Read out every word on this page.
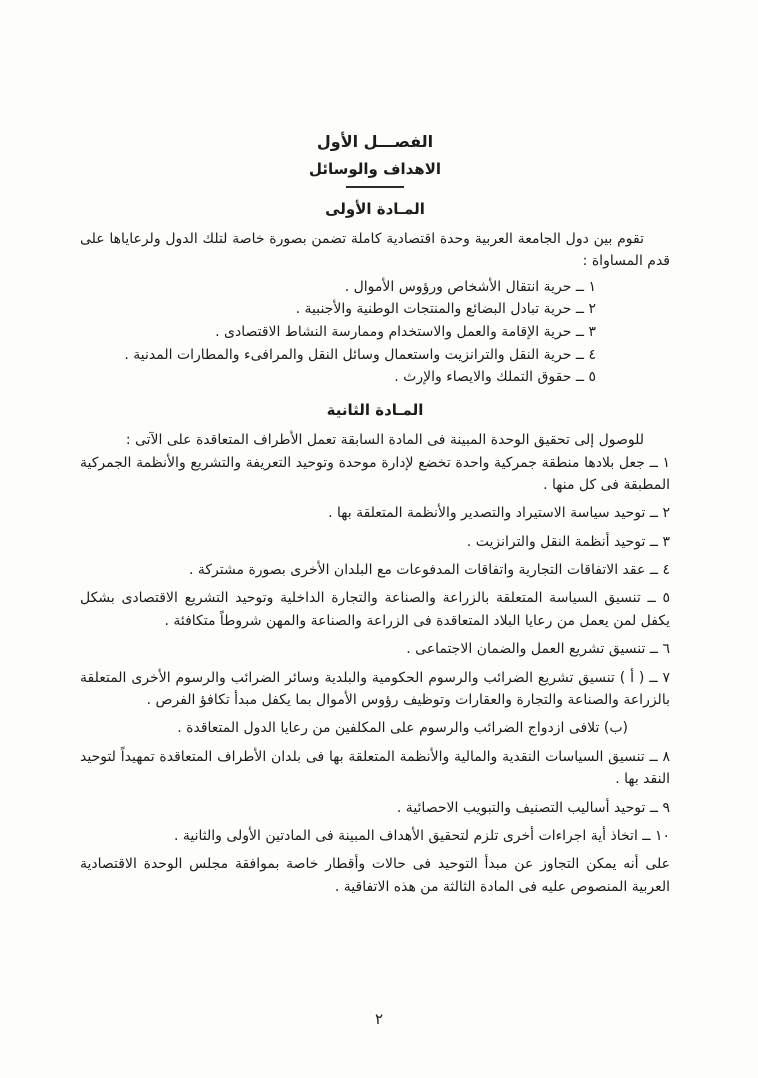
الفصـــل الأول
الاهداف والوسائل
المـادة الأولى

تقوم بين دول الجامعة العربية وحدة اقتصادية كاملة تضمن بصورة خاصة لتلك الدول ولرعاياها على قدم المساواة :

١ ــ حرية انتقال الأشخاص ورؤوس الأموال .
٢ ــ حرية تبادل البضائع والمنتجات الوطنية والأجنبية .
٣ ــ حرية الإقامة والعمل والاستخدام وممارسة النشاط الاقتصادى .
٤ ــ حرية النقل والترانزيت واستعمال وسائل النقل والمرافىء والمطارات المدنية .
٥ ــ حقوق التملك والايصاء والإرث .
المـادة الثانية

للوصول إلى تحقيق الوحدة المبينة فى المادة السابقة تعمل الأطراف المتعاقدة على الآتى :

١ ــ جعل بلادها منطقة جمركية واحدة تخضع لإدارة موحدة وتوحيد التعريفة والتشريع والأنظمة الجمركية المطبقة فى كل منها .
٢ ــ توحيد سياسة الاستيراد والتصدير والأنظمة المتعلقة بها .
٣ ــ توحيد أنظمة النقل والترانزيت .
٤ ــ عقد الاتفاقات التجارية واتفاقات المدفوعات مع البلدان الأخرى بصورة مشتركة .
٥ ــ تنسيق السياسة المتعلقة بالزراعة والصناعة والتجارة الداخلية وتوحيد التشريع الاقتصادى بشكل يكفل لمن يعمل من رعايا البلاد المتعاقدة فى الزراعة والصناعة والمهن شروطاً متكافئة .
٦ ــ تنسيق تشريع العمل والضمان الاجتماعى .
٧ ــ ( أ ) تنسيق تشريع الضرائب والرسوم الحكومية والبلدية وسائر الضرائب والرسوم الأخرى المتعلقة بالزراعة والصناعة والتجارة والعقارات وتوظيف رؤوس الأموال بما يكفل مبدأ تكافؤ الفرص .
(ب) تلافى ازدواج الضرائب والرسوم على المكلفين من رعايا الدول المتعاقدة .
٨ ــ تنسيق السياسات النقدية والمالية والأنظمة المتعلقة بها فى بلدان الأطراف المتعاقدة تمهيداً لتوحيد النقد بها .
٩ ــ توحيد أساليب التصنيف والتبويب الاحصائية .
١٠ ــ اتخاذ أية اجراءات أخرى تلزم لتحقيق الأهداف المبينة فى المادتين الأولى والثانية .

على أنه يمكن التجاوز عن مبدأ التوحيد فى حالات وأقطار خاصة بموافقة مجلس الوحدة الاقتصادية العربية المنصوص عليه فى المادة الثالثة من هذه الاتفاقية .

٢
